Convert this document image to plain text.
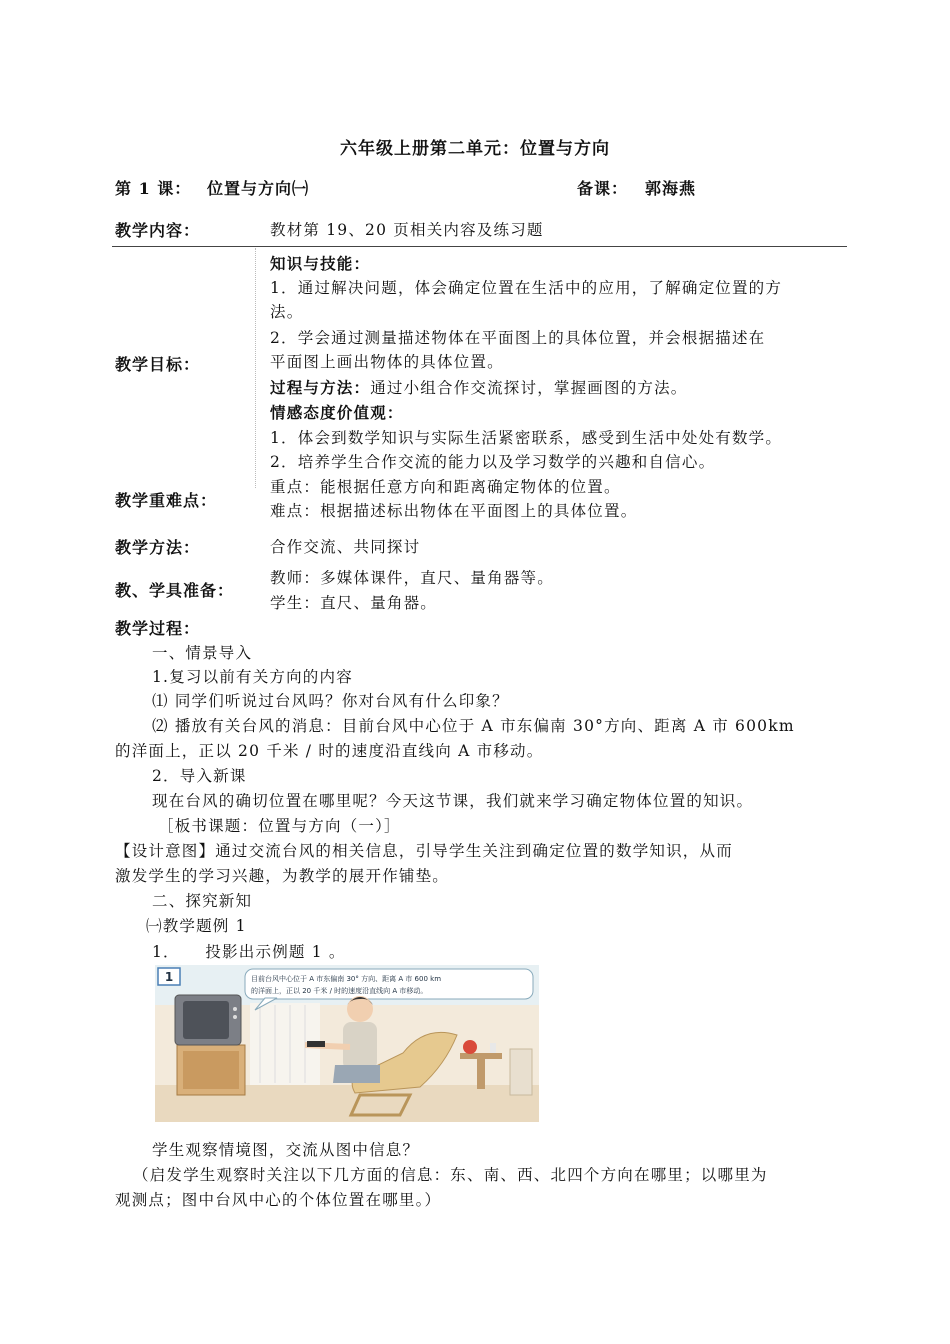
六年级上册第二单元：位置与方向
第 1 课： 位置与方向㈠	备课： 郭海燕
教学内容：	教材第 19、20 页相关内容及练习题
教学目标：
知识与技能：
1．通过解决问题，体会确定位置在生活中的应用，了解确定位置的方
法。
2．学会通过测量描述物体在平面图上的具体位置，并会根据描述在
平面图上画出物体的具体位置。
过程与方法：通过小组合作交流探讨，掌握画图的方法。
情感态度价值观：
1．体会到数学知识与实际生活紧密联系，感受到生活中处处有数学。
2．培养学生合作交流的能力以及学习数学的兴趣和自信心。
教学重难点：
重点：能根据任意方向和距离确定物体的位置。
难点：根据描述标出物体在平面图上的具体位置。
教学方法：	合作交流、共同探讨
教、学具准备：
教师：多媒体课件，直尺、量角器等。
学生：直尺、量角器。
教学过程：
一、情景导入
1.复习以前有关方向的内容
⑴ 同学们听说过台风吗？你对台风有什么印象？
⑵ 播放有关台风的消息：目前台风中心位于 A 市东偏南 30°方向、距离 A 市 600km
的洋面上，正以 20 千米 / 时的速度沿直线向 A 市移动。
2．导入新课
现在台风的确切位置在哪里呢？今天这节课，我们就来学习确定物体位置的知识。
［板书课题：位置与方向（一）］
【设计意图】通过交流台风的相关信息，引导学生关注到确定位置的数学知识，从而
激发学生的学习兴趣，为教学的展开作铺垫。
二、探究新知
㈠教学题例 1
1．　　投影出示例题 1 。
1	目前台风中心位于 A 市东偏南 30° 方向、距离 A 市 600 km
的洋面上，正以 20 千米 / 时的速度沿直线向 A 市移动。
学生观察情境图，交流从图中信息？
（启发学生观察时关注以下几方面的信息：东、南、西、北四个方向在哪里；以哪里为
观测点；图中台风中心的个体位置在哪里。）
